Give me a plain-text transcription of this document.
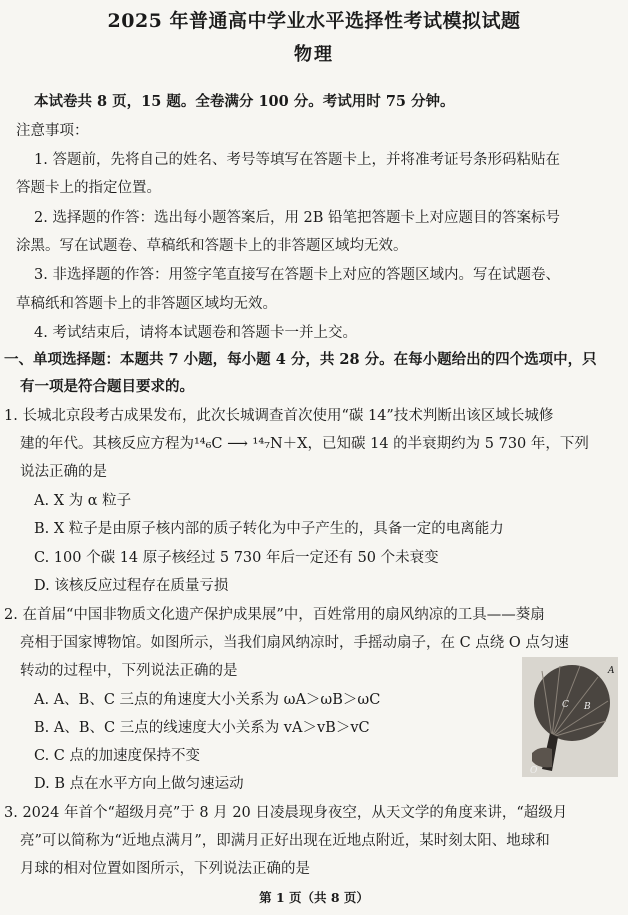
2025 年普通高中学业水平选择性考试模拟试题
物理
本试卷共 8 页，15 题。全卷满分 100 分。考试用时 75 分钟。
注意事项：
1. 答题前，先将自己的姓名、考号等填写在答题卡上，并将准考证号条形码粘贴在
答题卡上的指定位置。
2. 选择题的作答：选出每小题答案后，用 2B 铅笔把答题卡上对应题目的答案标号
涂黑。写在试题卷、草稿纸和答题卡上的非答题区域均无效。
3. 非选择题的作答：用签字笔直接写在答题卡上对应的答题区域内。写在试题卷、
草稿纸和答题卡上的非答题区域均无效。
4. 考试结束后，请将本试题卷和答题卡一并上交。
一、单项选择题：本题共 7 小题，每小题 4 分，共 28 分。在每小题给出的四个选项中，只
有一项是符合题目要求的。
1. 长城北京段考古成果发布，此次长城调查首次使用“碳 14”技术判断出该区域长城修
建的年代。其核反应方程为¹⁴₆C ⟶ ¹⁴₇N＋X，已知碳 14 的半衰期约为 5 730 年，下列
说法正确的是
A. X 为 α 粒子
B. X 粒子是由原子核内部的质子转化为中子产生的，具备一定的电离能力
C. 100 个碳 14 原子核经过 5 730 年后一定还有 50 个未衰变
D. 该核反应过程存在质量亏损
2. 在首届“中国非物质文化遗产保护成果展”中，百姓常用的扇风纳凉的工具——葵扇
亮相于国家博物馆。如图所示，当我们扇风纳凉时，手摇动扇子，在 C 点绕 O 点匀速
转动的过程中，下列说法正确的是
A. A、B、C 三点的角速度大小关系为 ωA＞ωB＞ωC
B. A、B、C 三点的线速度大小关系为 vA＞vB＞vC
C. C 点的加速度保持不变
D. B 点在水平方向上做匀速运动
A
B
C
O
3. 2024 年首个“超级月亮”于 8 月 20 日凌晨现身夜空，从天文学的角度来讲，“超级月
亮”可以简称为“近地点满月”，即满月正好出现在近地点附近，某时刻太阳、地球和
月球的相对位置如图所示，下列说法正确的是
第 1 页（共 8 页）
